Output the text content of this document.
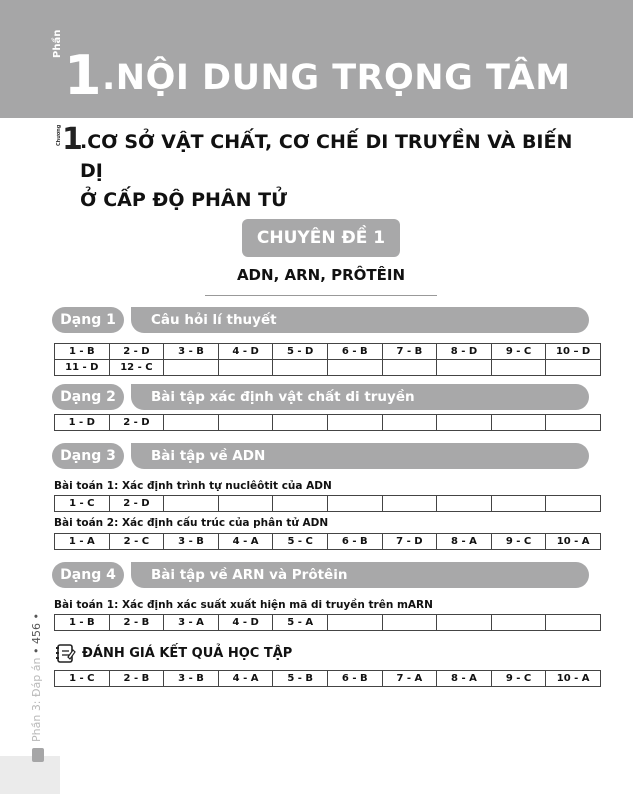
Phần
1 .NỘI DUNG TRỌNG TÂM
Chương 1
.CƠ SỞ VẬT CHẤT, CƠ CHẾ DI TRUYỀN VÀ BIẾN DỊ
Ở CẤP ĐỘ PHÂN TỬ
CHUYÊN ĐỀ 1
ADN, ARN, PRÔTÊIN
Dạng 1	Câu hỏi lí thuyết
1 - B	2 - D	3 - B	4 - D	5 - D	6 - B	7 - B	8 - D	9 - C	10 – D
11 - D	12 - C								
Dạng 2	Bài tập xác định vật chất di truyền
1 - D	2 - D								
Dạng 3	Bài tập về ADN
Bài toán 1: Xác định trình tự nuclêôtit của ADN
1 - C	2 - D								
Bài toán 2: Xác định cấu trúc của phân tử ADN
1 - A	2 - C	3 - B	4 - A	5 - C	6 - B	7 - D	8 - A	9 - C	10 - A
Dạng 4	Bài tập về ARN và Prôtêin
Bài toán 1: Xác định xác suất xuất hiện mã di truyền trên mARN
1 - B	2 - B	3 - A	4 - D	5 - A					
ĐÁNH GIÁ KẾT QUẢ HỌC TẬP
1 - C	2 - B	3 - B	4 - A	5 - B	6 - B	7 - A	8 - A	9 - C	10 - A
Phần 3: Đáp án • 456 •
